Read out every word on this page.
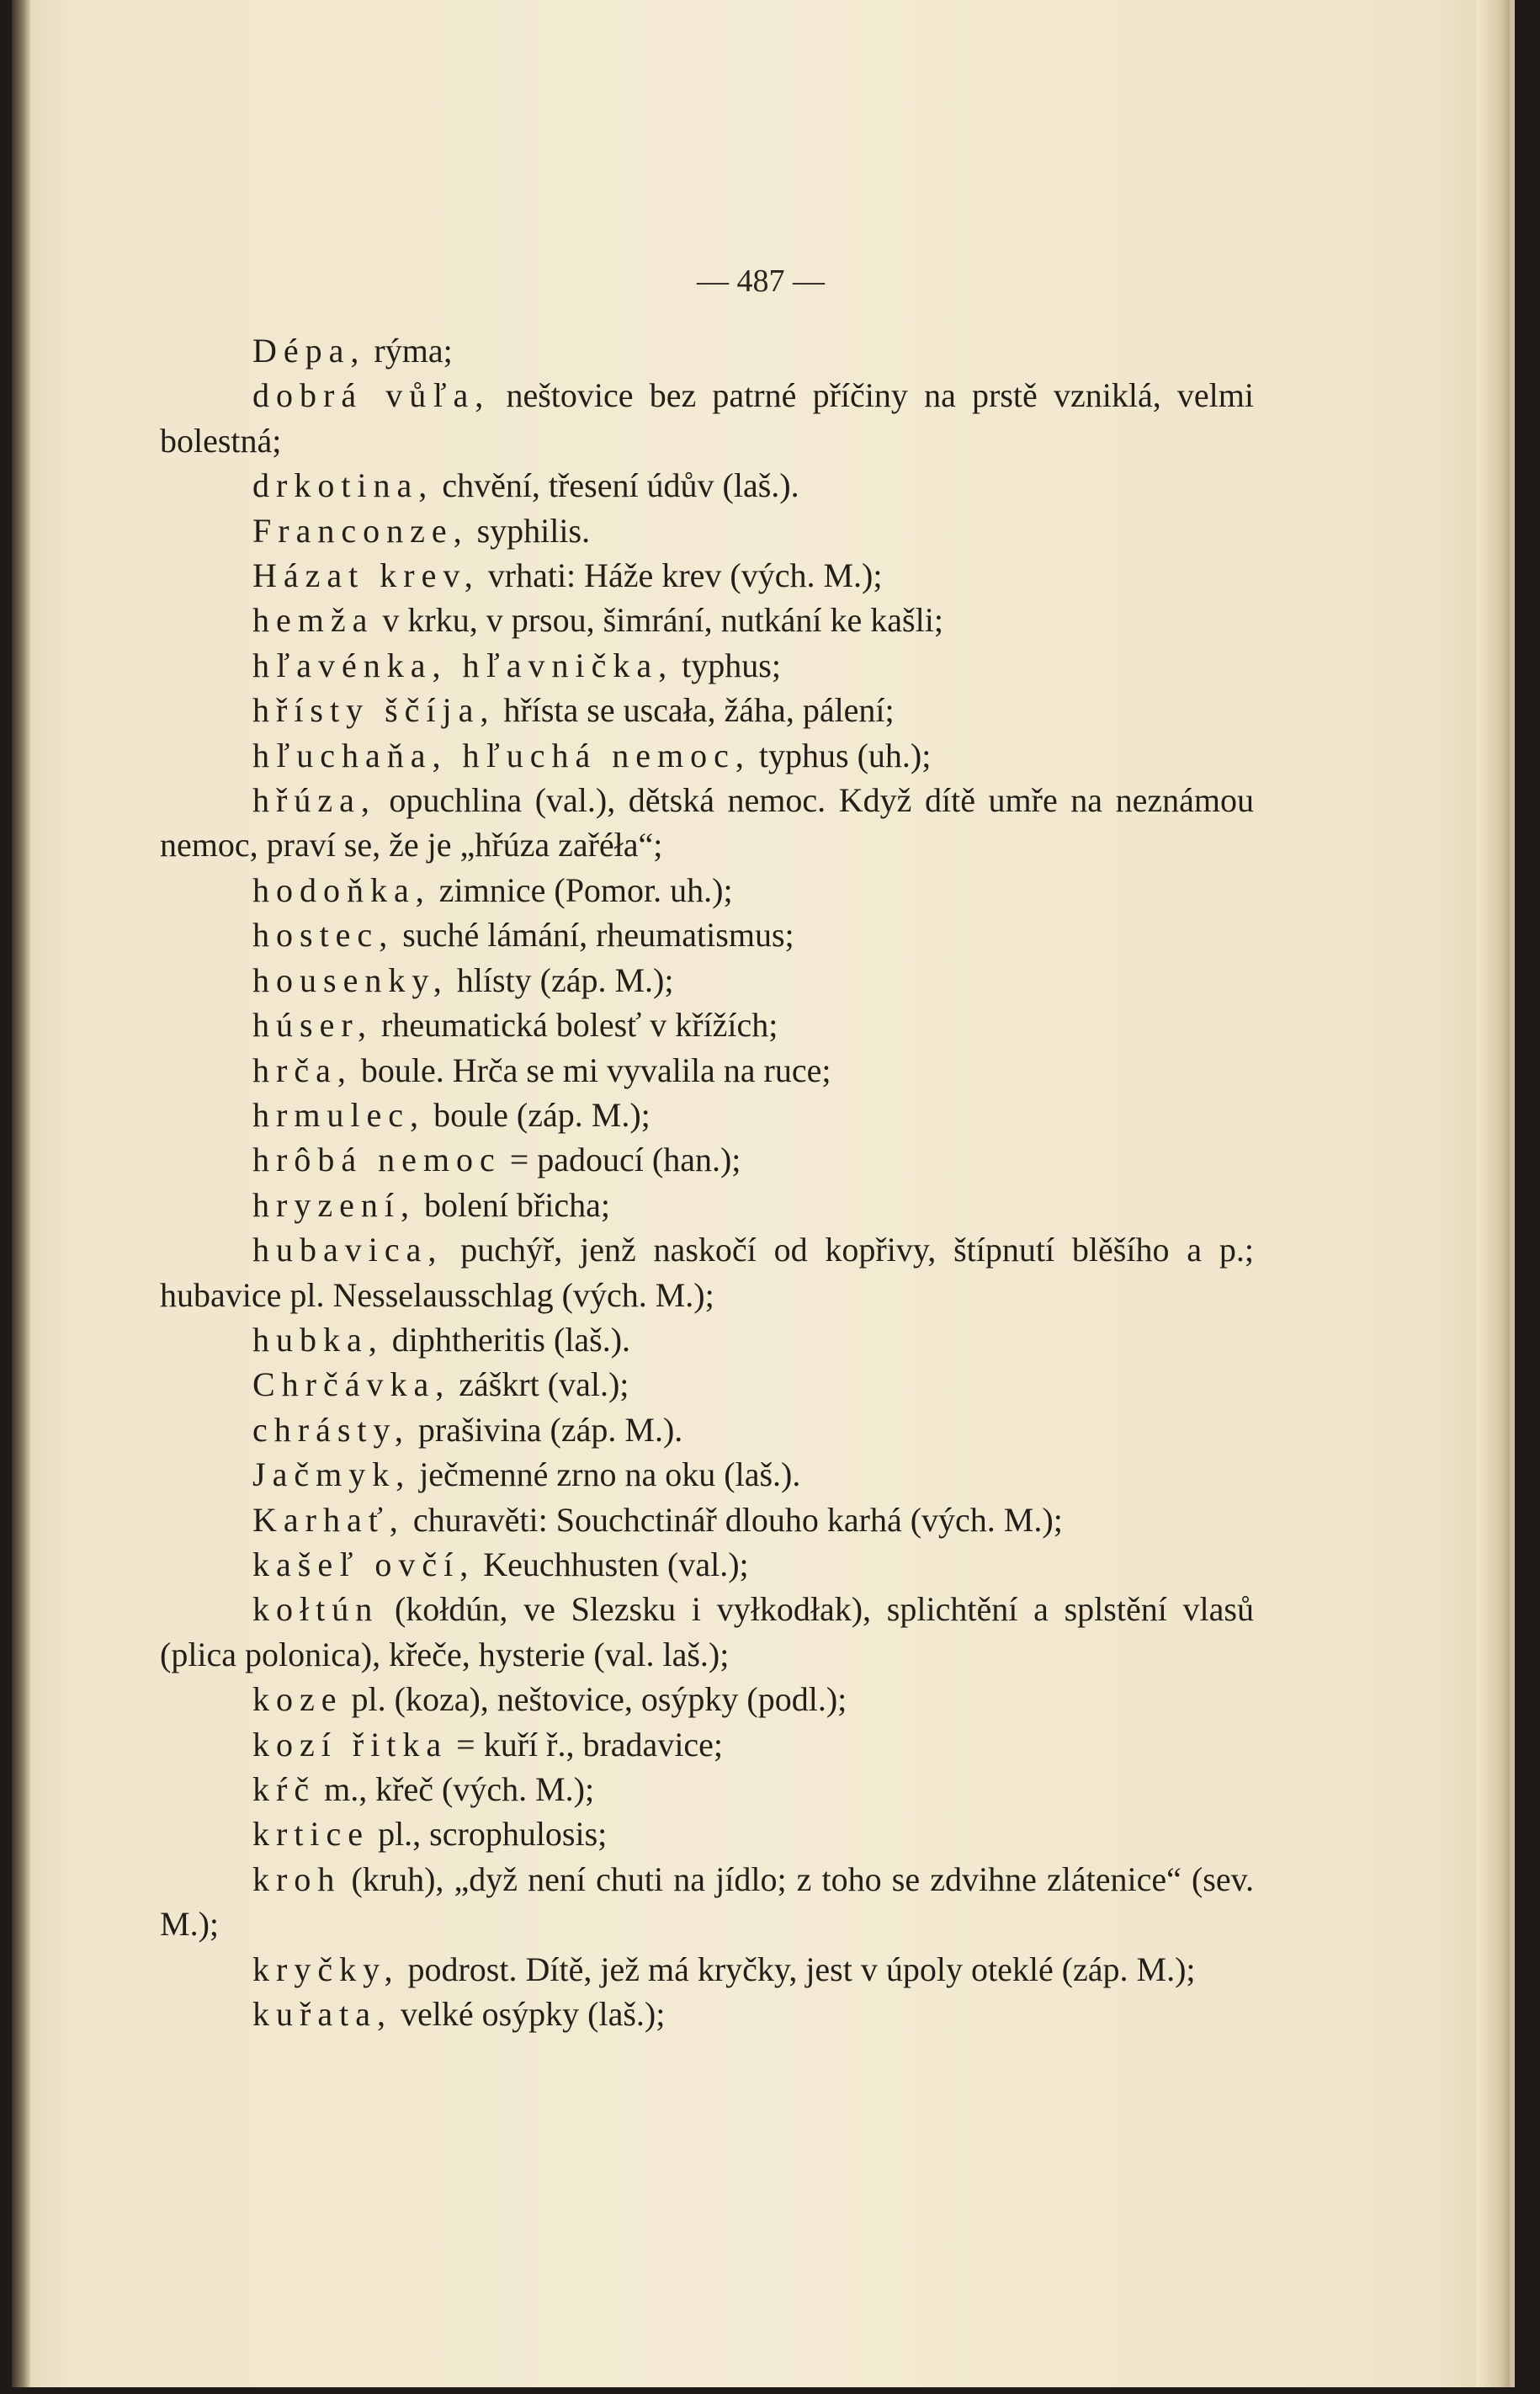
— 487 —

Dépa, rýma;

dobrá vůľa, neštovice bez patrné příčiny na prstě vzniklá, velmi bolestná;

drkotina, chvění, třesení údův (laš.).

Franconze, syphilis.

Házat krev, vrhati: Háže krev (vých. M.);

hemža v krku, v prsou, šimrání, nutkání ke kašli;

hľavénka, hľavnička, typhus;

hřísty ščíja, hřísta se uscała, žáha, pálení;

hľuchaňa, hľuchá nemoc, typhus (uh.);

hřúza, opuchlina (val.), dětská nemoc. Když dítě umře na neznámou nemoc, praví se, že je „hřúza zařéła“;

hodoňka, zimnice (Pomor. uh.);

hostec, suché lámání, rheumatismus;

housenky, hlísty (záp. M.);

húser, rheumatická bolesť v křížích;

hrča, boule. Hrča se mi vyvalila na ruce;

hrmulec, boule (záp. M.);

hrôbá nemoc = padoucí (han.);

hryzení, bolení břicha;

hubavica, puchýř, jenž naskočí od kopřivy, štípnutí blěšího a p.; hubavice pl. Nesselausschlag (vých. M.);

hubka, diphtheritis (laš.).

Chrčávka, záškrt (val.);

chrásty, prašivina (záp. M.).

Jačmyk, ječmenné zrno na oku (laš.).

Karhať, churavěti: Souchctinář dlouho karhá (vých. M.);

kašeľ ovčí, Keuchhusten (val.);

kołtún (kołdún, ve Slezsku i vyłkodłak), splichtění a splstění vlasů (plica polonica), křeče, hysterie (val. laš.);

koze pl. (koza), neštovice, osýpky (podl.);

kozí řitka = kuří ř., bradavice;

kŕč m., křeč (vých. M.);

krtice pl., scrophulosis;

kroh (kruh), „dyž není chuti na jídlo; z toho se zdvihne zlátenice“ (sev. M.);

kryčky, podrost. Dítě, jež má kryčky, jest v úpoly oteklé (záp. M.);

kuřata, velké osýpky (laš.);
